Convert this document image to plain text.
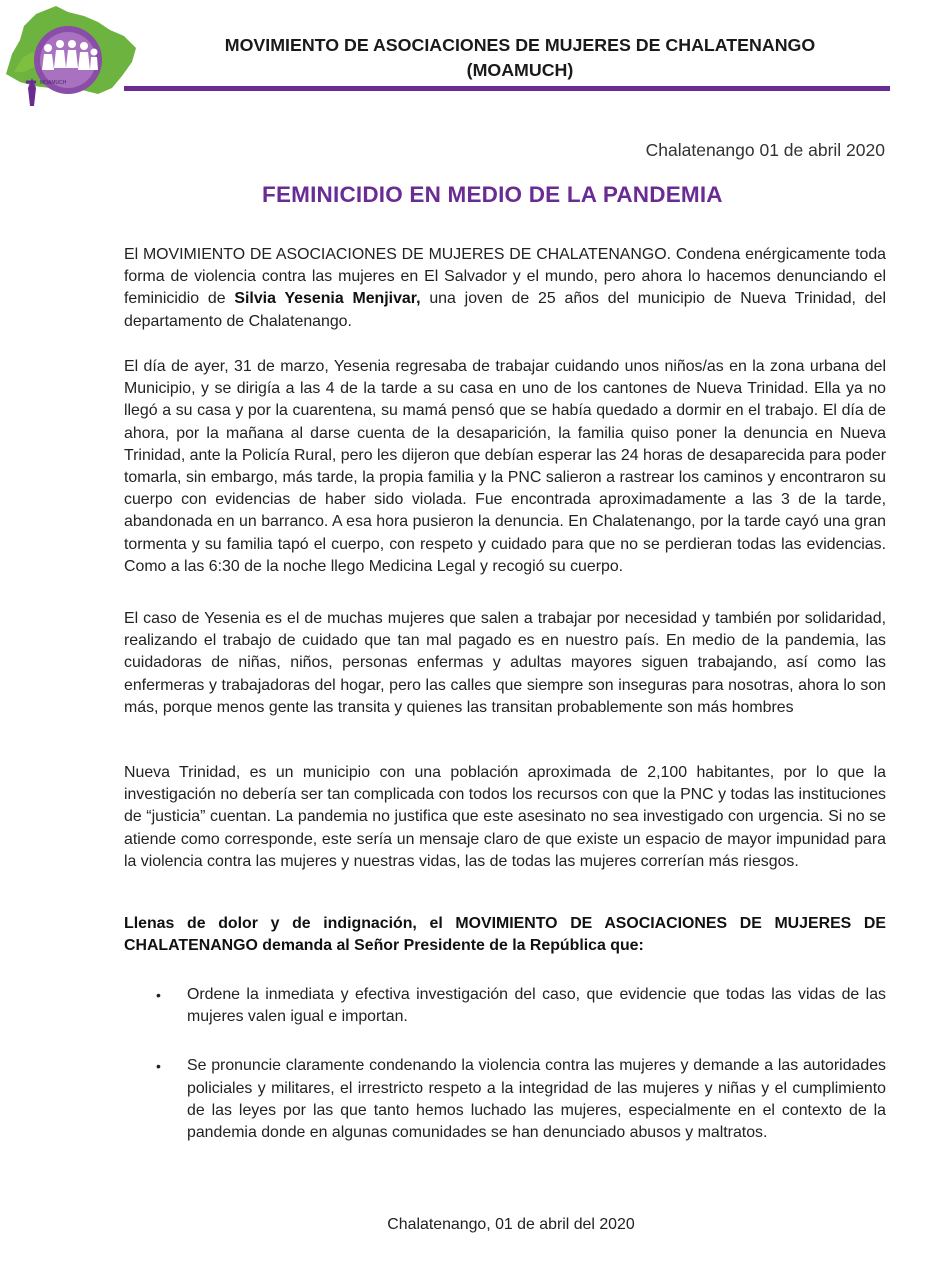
MOAMUCH
MOVIMIENTO DE ASOCIACIONES DE MUJERES DE CHALATENANGO
(MOAMUCH)
Chalatenango 01 de abril 2020
FEMINICIDIO EN MEDIO DE LA PANDEMIA

El MOVIMIENTO DE ASOCIACIONES DE MUJERES DE CHALATENANGO. Condena enérgicamente toda forma de violencia contra las mujeres en El Salvador y el mundo, pero ahora lo hacemos denunciando el feminicidio de Silvia Yesenia Menjivar, una joven de 25 años del municipio de Nueva Trinidad, del departamento de Chalatenango.

El día de ayer, 31 de marzo, Yesenia regresaba de trabajar cuidando unos niños/as en la zona urbana del Municipio, y se dirigía a las 4 de la tarde a su casa en uno de los cantones de Nueva Trinidad. Ella ya no llegó a su casa y por la cuarentena, su mamá pensó que se había quedado a dormir en el trabajo. El día de ahora, por la mañana al darse cuenta de la desaparición, la familia quiso poner la denuncia en Nueva Trinidad, ante la Policía Rural, pero les dijeron que debían esperar las 24 horas de desaparecida para poder tomarla, sin embargo, más tarde, la propia familia y la PNC salieron a rastrear los caminos y encontraron su cuerpo con evidencias de haber sido violada. Fue encontrada aproximadamente a las 3 de la tarde, abandonada en un barranco. A esa hora pusieron la denuncia. En Chalatenango, por la tarde cayó una gran tormenta y su familia tapó el cuerpo, con respeto y cuidado para que no se perdieran todas las evidencias. Como a las 6:30 de la noche llego Medicina Legal y recogió su cuerpo.

El caso de Yesenia es el de muchas mujeres que salen a trabajar por necesidad y también por solidaridad, realizando el trabajo de cuidado que tan mal pagado es en nuestro país. En medio de la pandemia, las cuidadoras de niñas, niños, personas enfermas y adultas mayores siguen trabajando, así como las enfermeras y trabajadoras del hogar, pero las calles que siempre son inseguras para nosotras, ahora lo son más, porque menos gente las transita y quienes las transitan probablemente son más hombres

Nueva Trinidad, es un municipio con una población aproximada de 2,100 habitantes, por lo que la investigación no debería ser tan complicada con todos los recursos con que la PNC y todas las instituciones de “justicia” cuentan. La pandemia no justifica que este asesinato no sea investigado con urgencia. Si no se atiende como corresponde, este sería un mensaje claro de que existe un espacio de mayor impunidad para la violencia contra las mujeres y nuestras vidas, las de todas las mujeres correrían más riesgos.

Llenas de dolor y de indignación, el MOVIMIENTO DE ASOCIACIONES DE MUJERES DE CHALATENANGO demanda al Señor Presidente de la República que:

• Ordene la inmediata y efectiva investigación del caso, que evidencie que todas las vidas de las mujeres valen igual e importan.
• Se pronuncie claramente condenando la violencia contra las mujeres y demande a las autoridades policiales y militares, el irrestricto respeto a la integridad de las mujeres y niñas y el cumplimiento de las leyes por las que tanto hemos luchado las mujeres, especialmente en el contexto de la pandemia donde en algunas comunidades se han denunciado abusos y maltratos.
Chalatenango, 01 de abril del 2020
